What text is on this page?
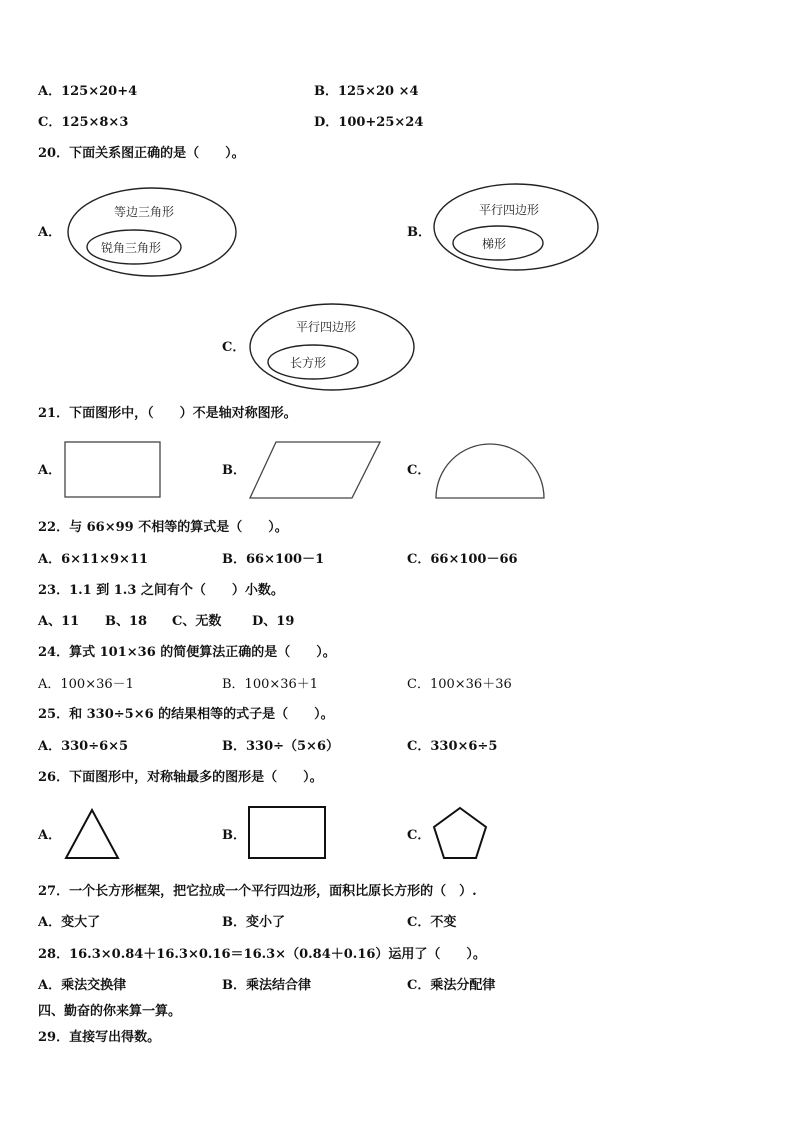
A．125×20+4	B．125×20 ×4
C．125×8×3	D．100+25×24
20．下面关系图正确的是（　　）。
A．
等边三角形
锐角三角形
B．
平行四边形
梯形
C．
平行四边形
长方形
21．下面图形中，（　　）不是轴对称图形。
A．	B．	C．
22．与 66×99 不相等的算式是（　　）。
A．6×11×9×11	B．66×100－1	C．66×100－66
23．1.1 到 1.3 之间有个（　　）小数。
A、11 B、18 C、无数 D、19
24．算式 101×36 的简便算法正确的是（　　）。
A．100×36－1	B．100×36＋1	C．100×36＋36
25．和 330÷5×6 的结果相等的式子是（　　）。
A．330÷6×5	B．330÷（5×6）	C．330×6÷5
26．下面图形中，对称轴最多的图形是（　　）。
A．	B．	C．
27．一个长方形框架，把它拉成一个平行四边形，面积比原长方形的（　）.
A．变大了	B．变小了	C．不变
28．16.3×0.84＋16.3×0.16＝16.3×（0.84＋0.16）运用了（　　）。
A．乘法交换律	B．乘法结合律	C．乘法分配律
四、勤奋的你来算一算。
29．直接写出得数。
